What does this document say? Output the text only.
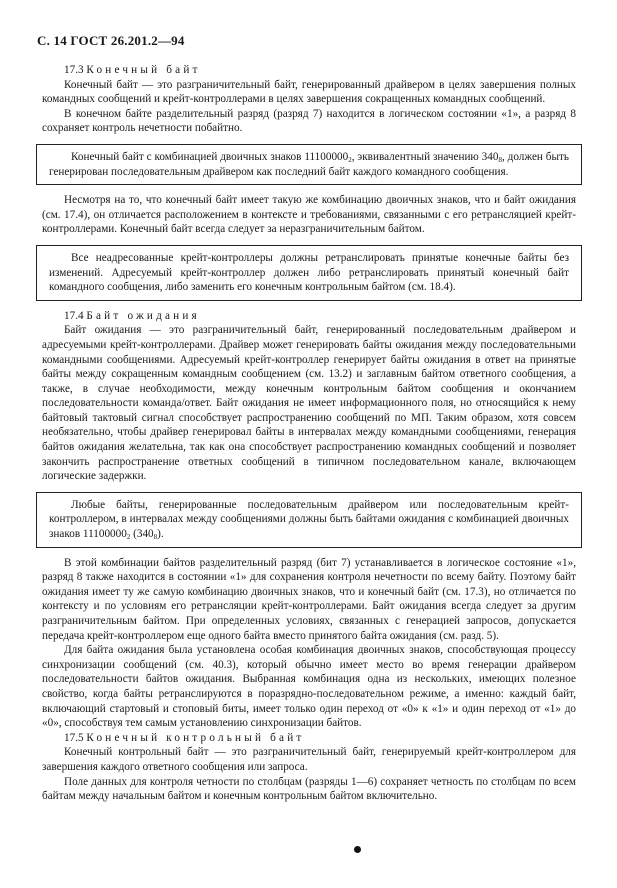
С. 14 ГОСТ 26.201.2—94

17.3 Конечный байт

Конечный байт — это разграничительный байт, генерированный драйвером в целях завершения полных командных сообщений и крейт-контроллерами в целях завершения сокращенных командных сообщений.

В конечном байте разделительный разряд (разряд 7) находится в логическом состоянии «1», а разряд 8 сохраняет контроль нечетности побайтно.

Конечный байт с комбинацией двоичных знаков $11100000_2$, эквивалентный значению $340_8$, должен быть генерирован последовательным драйвером как последний байт каждого командного сообщения.

Несмотря на то, что конечный байт имеет такую же комбинацию двоичных знаков, что и байт ожидания (см. 17.4), он отличается расположением в контексте и требованиями, связанными с его ретрансляцией крейт-контроллерами. Конечный байт всегда следует за неразграничительным байтом.

Все неадресованные крейт-контроллеры должны ретранслировать принятые конечные байты без изменений. Адресуемый крейт-контроллер должен либо ретранслировать принятый конечный байт командного сообщения, либо заменить его конечным контрольным байтом (см. 18.4).

17.4 Байт ожидания

Байт ожидания — это разграничительный байт, генерированный последовательным драйвером и адресуемыми крейт-контроллерами. Драйвер может генерировать байты ожидания между последовательными командными сообщениями. Адресуемый крейт-контроллер генерирует байты ожидания в ответ на принятые байты между сокращенным командным сообщением (см. 13.2) и заглавным байтом ответного сообщения, а также, в случае необходимости, между конечным контрольным байтом сообщения и окончанием последовательности команда/ответ. Байт ожидания не имеет информационного поля, но относящийся к нему байтовый тактовый сигнал способствует распространению сообщений по МП. Таким образом, хотя совсем необязательно, чтобы драйвер генерировал байты в интервалах между командными сообщениями, генерация байтов ожидания желательна, так как она способствует распространению командных сообщений и позволяет закончить распространение ответных сообщений в типичном последовательном канале, включающем логические задержки.

Любые байты, генерированные последовательным драйвером или последовательным крейт-контроллером, в интервалах между сообщениями должны быть байтами ожидания с комбинацией двоичных знаков $11100000_2$ $(340_8)$.

В этой комбинации байтов разделительный разряд (бит 7) устанавливается в логическое состояние «1», разряд 8 также находится в состоянии «1» для сохранения контроля нечетности по всему байту. Поэтому байт ожидания имеет ту же самую комбинацию двоичных знаков, что и конечный байт (см. 17.3), но отличается по контексту и по условиям его ретрансляции крейт-контроллерами. Байт ожидания всегда следует за другим разграничительным байтом. При определенных условиях, связанных с генерацией запросов, допускается передача крейт-контроллером еще одного байта вместо принятого байта ожидания (см. разд. 5).

Для байта ожидания была установлена особая комбинация двоичных знаков, способствующая процессу синхронизации сообщений (см. 40.3), который обычно имеет место во время генерации драйвером последовательности байтов ожидания. Выбранная комбинация одна из нескольких, имеющих полезное свойство, когда байты ретранслируются в поразрядно-последовательном режиме, а именно: каждый байт, включающий стартовый и стоповый биты, имеет только один переход от «0» к «1» и один переход от «1» до «0», способствуя тем самым установлению синхронизации байтов.

17.5 Конечный контрольный байт

Конечный контрольный байт — это разграничительный байт, генерируемый крейт-контроллером для завершения каждого ответного сообщения или запроса.

Поле данных для контроля четности по столбцам (разряды 1—6) сохраняет четность по столбцам по всем байтам между начальным байтом и конечным контрольным байтом включительно.
